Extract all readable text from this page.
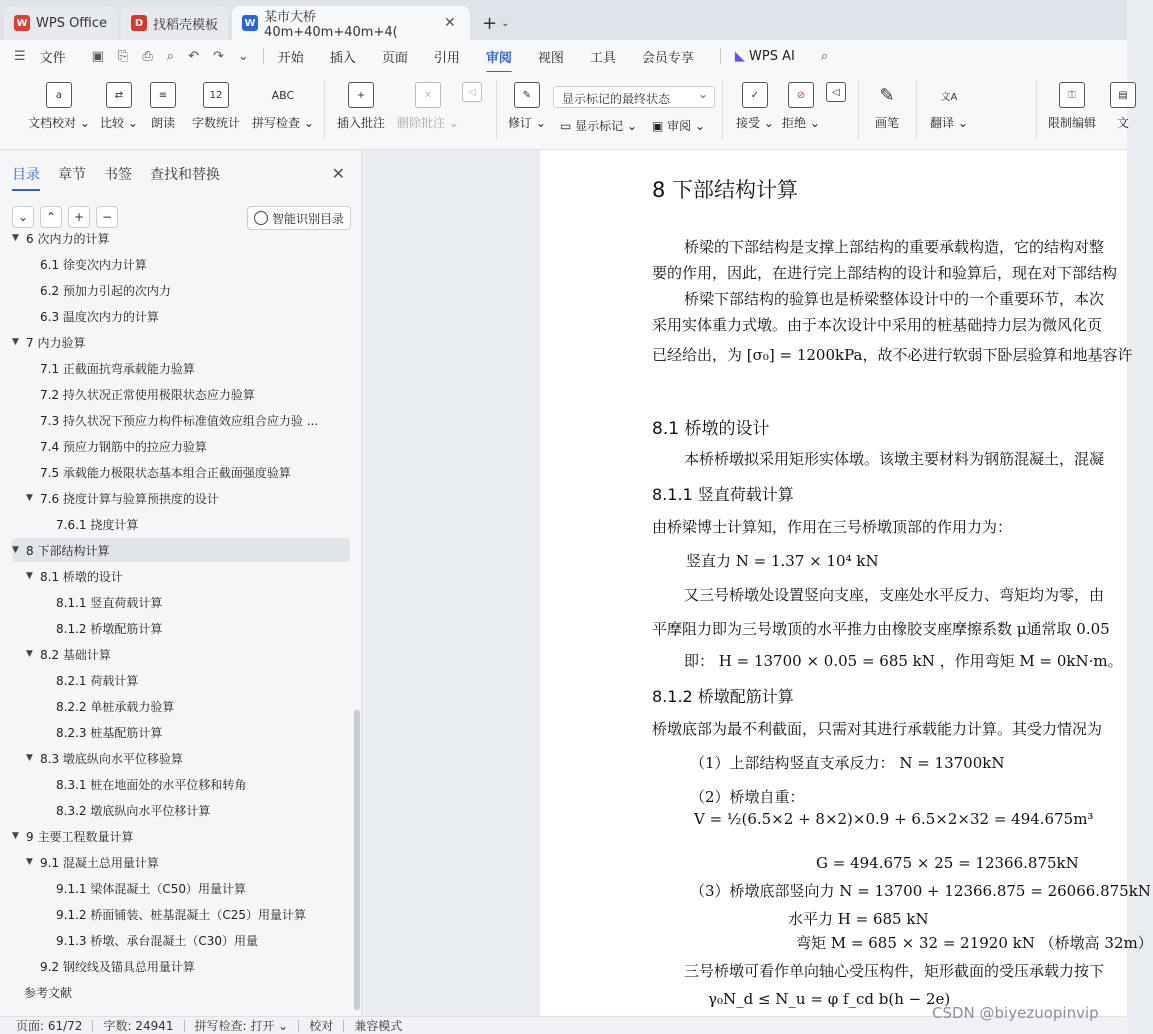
W WPS Office	D 找稻壳模板	W 某市大桥40m+40m+40m+4(
✕ + ⌄
☰ 文件 ▣ ⎘ ⎙ ⌕ ↶ ↷ ⌄ 开始 插入 页面 引用 审阅 视图 工具 会员专享	◣ WPS AI ⌕
a
文档校对 ⌄
⇄
比较 ⌄
≡
朗读
12
字数统计
ABC
拼写检查 ⌄
+
插入批注
✕
删除批注 ⌄
◁	✎
修订 ⌄
✓
接受 ⌄
⊘
拒绝 ⌄
◁	✎
画笔
文A
翻译 ⌄
⚿
限制编辑
▤
文
显示标记的最终状态 ⌄
▭ 显示标记 ⌄ ▣ 审阅 ⌄
目录 章节 书签 查找和替换	✕
⌄	⌃	+	−	智能识别目录
▼ 6 次内力的计算
6.1 徐变次内力计算
6.2 预加力引起的次内力
6.3 温度次内力的计算
▼ 7 内力验算
7.1 正截面抗弯承载能力验算
7.2 持久状况正常使用极限状态应力验算
7.3 持久状况下预应力构件标准值效应组合应力验 ...
7.4 预应力钢筋中的拉应力验算
7.5 承载能力极限状态基本组合正截面强度验算
▼ 7.6 挠度计算与验算预拱度的设计
7.6.1 挠度计算
▼ 8 下部结构计算
▼ 8.1 桥墩的设计
8.1.1 竖直荷载计算
8.1.2 桥墩配筋计算
▼ 8.2 基础计算
8.2.1 荷载计算
8.2.2 单桩承载力验算
8.2.3 桩基配筋计算
▼ 8.3 墩底纵向水平位移验算
8.3.1 桩在地面处的水平位移和转角
8.3.2 墩底纵向水平位移计算
▼ 9 主要工程数量计算
▼ 9.1 混凝土总用量计算
9.1.1 梁体混凝土（C50）用量计算
9.1.2 桥面铺装、桩基混凝土（C25）用量计算
9.1.3 桥墩、承台混凝土（C30）用量
9.2 钢绞线及锚具总用量计算
参考文献
8 下部结构计算
桥梁的下部结构是支撑上部结构的重要承载构造，它的结构对整
要的作用，因此，在进行完上部结构的设计和验算后，现在对下部结构
桥梁下部结构的验算也是桥梁整体设计中的一个重要环节，本次
采用实体重力式墩。由于本次设计中采用的桩基础持力层为微风化页
已经给出，为 [σ₀] = 1200kPa，故不必进行软弱下卧层验算和地基容许
8.1 桥墩的设计
本桥桥墩拟采用矩形实体墩。该墩主要材料为钢筋混凝土，混凝
8.1.1 竖直荷载计算
由桥梁博士计算知，作用在三号桥墩顶部的作用力为：
竖直力 N = 1.37 × 10⁴ kN
又三号桥墩处设置竖向支座，支座处水平反力、弯矩均为零，由
平摩阻力即为三号墩顶的水平推力由橡胶支座摩擦系数 μ通常取 0.05
即： H = 13700 × 0.05 = 685 kN ，作用弯矩 M = 0kN·m。
8.1.2 桥墩配筋计算
桥墩底部为最不利截面，只需对其进行承载能力计算。其受力情况为
（1）上部结构竖直支承反力： N = 13700kN
（2）桥墩自重：
V = ½(6.5×2 + 8×2)×0.9 + 6.5×2×32 = 494.675m³
G = 494.675 × 25 = 12366.875kN
（3）桥墩底部竖向力 N = 13700 + 12366.875 = 26066.875kN
水平力 H = 685 kN
弯矩 M = 685 × 32 = 21920 kN （桥墩高 32m）
三号桥墩可看作单向轴心受压构件，矩形截面的受压承载力按下
γ₀N_d ≤ N_u = φ f_cd b(h − 2e)
页面: 61/72 字数: 24941 拼写检查: 打开 ⌄ 校对 兼容模式
CSDN @biyezuopinvip
